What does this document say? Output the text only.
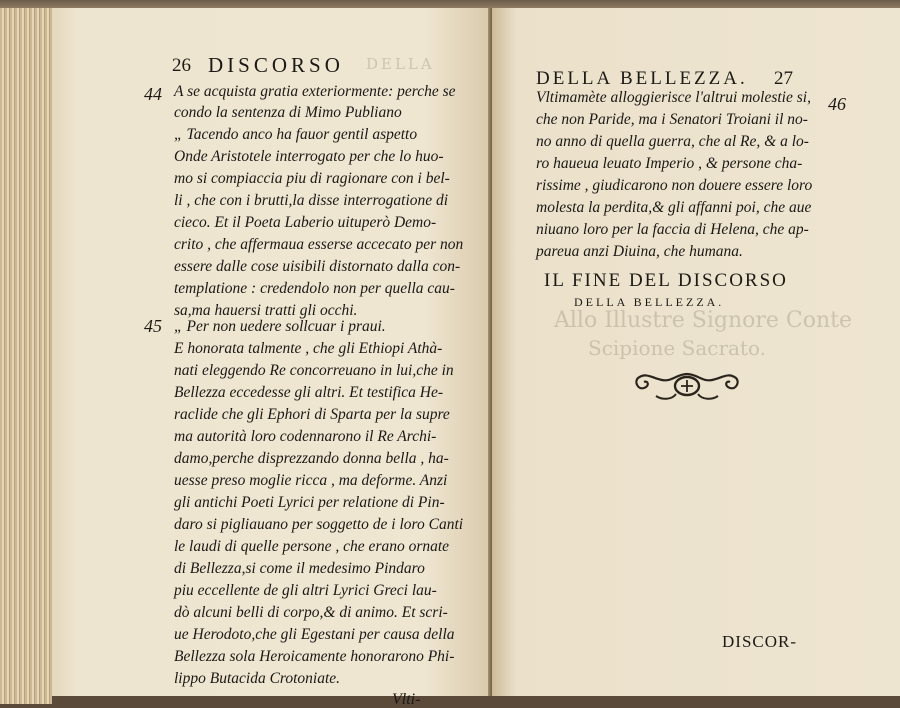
DELLA
26 DISCORSO
44
45
A se acquista gratia exteriormente: perche se
condo la sentenza di Mimo Publiano
„ Tacendo anco ha fauor gentil aspetto
Onde Aristotele interrogato per che lo huo-
mo si compiaccia piu di ragionare con i bel-
li , che con i brutti,la disse interrogatione di
cieco. Et il Poeta Laberio uituperò Demo-
crito , che affermaua esserse accecato per non
essere dalle cose uisibili distornato dalla con-
templatione : credendolo non per quella cau-
sa,ma hauersi tratti gli occhi.
„ Per non uedere sollcuar i praui.
E honorata talmente , che gli Ethiopi Athà-
nati eleggendo Re concorreuano in lui,che in
Bellezza eccedesse gli altri. Et testifica He-
raclide che gli Ephori di Sparta per la supre
ma autorità loro codennarono il Re Archi-
damo,perche disprezzando donna bella , ha-
uesse preso moglie ricca , ma deforme. Anzi
gli antichi Poeti Lyrici per relatione di Pin-
daro si pigliauano per soggetto de i loro Canti
le laudi di quelle persone , che erano ornate
di Bellezza,si come il medesimo Pindaro
piu eccellente de gli altri Lyrici Greci lau-
dò alcuni belli di corpo,& di animo. Et scri-
ue Herodoto,che gli Egestani per causa della
Bellezza sola Heroicamente honorarono Phi-
lippo Butacida Crotoniate.
Vlti-
Allo Illustre Signore Conte
Scipione Sacrato.
DELLA BELLEZZA. 27
46
Vltimamète alloggierisce l'altrui molestie si,
che non Paride, ma i Senatori Troiani il no-
no anno di quella guerra, che al Re, & a lo-
ro haueua leuato Imperio , & persone cha-
rissime , giudicarono non douere essere loro
molesta la perdita,& gli affanni poi, che aue
niuano loro per la faccia di Helena, che ap-
pareua anzi Diuina, che humana.
IL FINE DEL DISCORSO
DELLA BELLEZZA.
DISCOR-
